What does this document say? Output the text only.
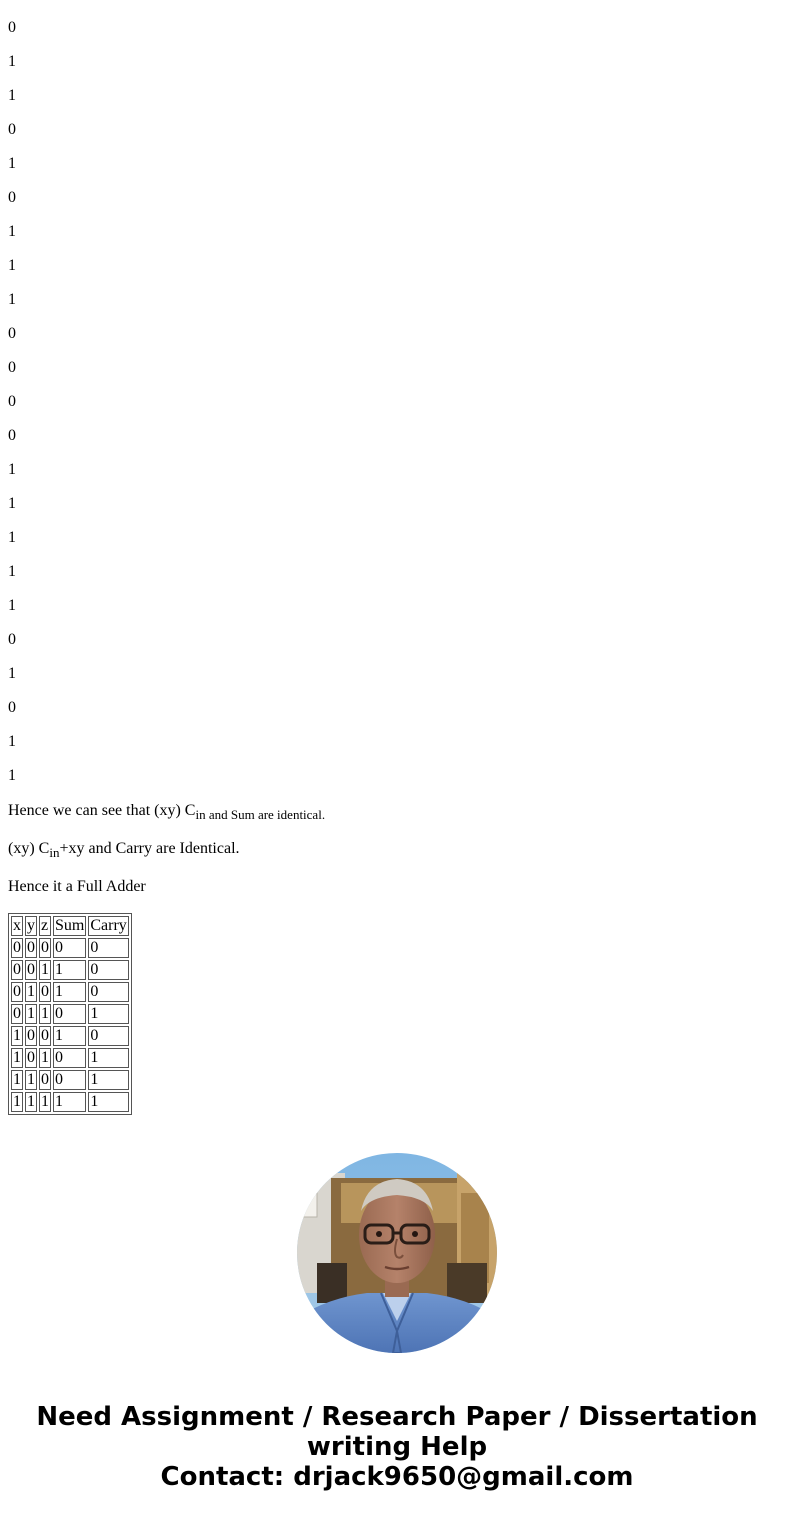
0

1

1

0

1

0

1

1

1

0

0

0

0

1

1

1

1

1

0

1

0

1

1

Hence we can see that (xy) $C_{in and Sum are identical.}$

(xy) $C_{in}+xy$ and Carry are Identical.

Hence it a Full Adder

x	y	z	Sum	Carry
0	0	0	0	0
0	0	1	1	0
0	1	0	1	0
0	1	1	0	1
1	0	0	1	0
1	0	1	0	1
1	1	0	0	1
1	1	1	1	1
Need Assignment / Research Paper / Dissertation
writing Help
Contact: drjack9650@gmail.com
